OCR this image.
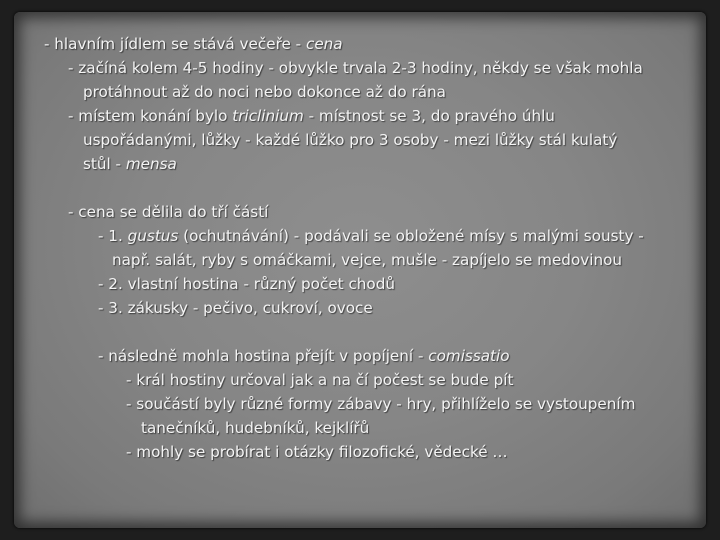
- hlavním jídlem se stává večeře - cena
- začíná kolem 4-5 hodiny - obvykle trvala 2-3 hodiny, někdy se však mohla
protáhnout až do noci nebo dokonce až do rána
- místem konání bylo triclinium - místnost se 3, do pravého úhlu
uspořádanými, lůžky - každé lůžko pro 3 osoby - mezi lůžky stál kulatý
stůl - mensa
- cena se dělila do tří částí
- 1. gustus (ochutnávání) - podávali se obložené mísy s malými sousty -
např. salát, ryby s omáčkami, vejce, mušle - zapíjelo se medovinou
- 2. vlastní hostina - různý počet chodů
- 3. zákusky - pečivo, cukroví, ovoce
- následně mohla hostina přejít v popíjení - comissatio
- král hostiny určoval jak a na čí počest se bude pít
- součástí byly různé formy zábavy - hry, přihlíželo se vystoupením
tanečníků, hudebníků, kejklířů
- mohly se probírat i otázky filozofické, vědecké …
